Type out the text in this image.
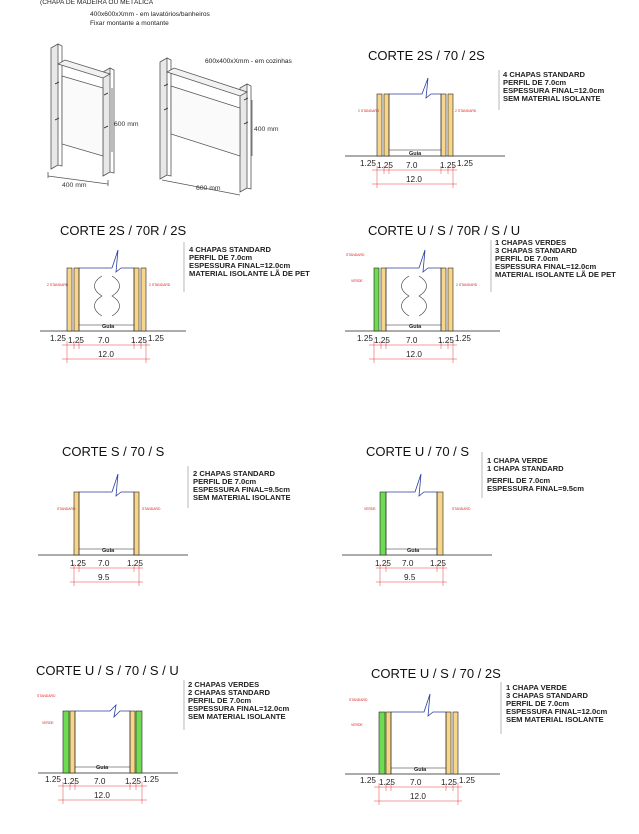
(CHAPA DE MADEIRA OU METÁLICA
400x600xXmm - em lavatórios/banheiros
Fixar montante a montante
600x400xXmm - em cozinhas
600 mm
400 mm
400 mm
600 mm
CORTE 2S / 70 / 2S
4 CHAPAS STANDARD
PERFIL DE 7.0cm
ESPESSURA FINAL=12.0cm
SEM MATERIAL ISOLANTE
Guia
2 STANDARD	2 STANDARD
1.25 1.25 7.0	1.25 1.25
12.0
CORTE 2S / 70R / 2S
4 CHAPAS STANDARD
PERFIL DE 7.0cm
ESPESSURA FINAL=12.0cm
MATERIAL ISOLANTE LÃ DE PET
Guia
2 STANDARD	2 STANDARD
1.25 1.25 7.0	1.25 1.25
12.0
CORTE U / S / 70R / S / U
1 CHAPAS VERDES
3 CHAPAS STANDARD
PERFIL DE 7.0cm
ESPESSURA FINAL=12.0cm
MATERIAL ISOLANTE LÃ DE PET
Guia
STANDARD
VERDE
2 STANDARD
1.25 1.25 7.0	1.25 1.25
12.0
CORTE S / 70 / S
2 CHAPAS STANDARD
PERFIL DE 7.0cm
ESPESSURA FINAL=9.5cm
SEM MATERIAL ISOLANTE
Guia
STANDARD	STANDARD
1.25 7.0 1.25
9.5
CORTE U / 70 / S
1 CHAPA VERDE
1 CHAPA STANDARD
PERFIL DE 7.0cm
ESPESSURA FINAL=9.5cm
Guia
VERDE	STANDARD
1.25 7.0 1.25
9.5
CORTE U / S / 70 / S / U
2 CHAPAS VERDES
2 CHAPAS STANDARD
PERFIL DE 7.0cm
ESPESSURA FINAL=12.0cm
SEM MATERIAL ISOLANTE
Guia
STANDARD
VERDE
1.25 1.25 7.0 1.25 1.25
12.0
CORTE U / S / 70 / 2S
1 CHAPA VERDE
3 CHAPAS STANDARD
PERFIL DE 7.0cm
ESPESSURA FINAL=12.0cm
SEM MATERIAL ISOLANTE
Guia
STANDARD
VERDE
1.25 1.25 7.0 1.25 1.25
12.0
